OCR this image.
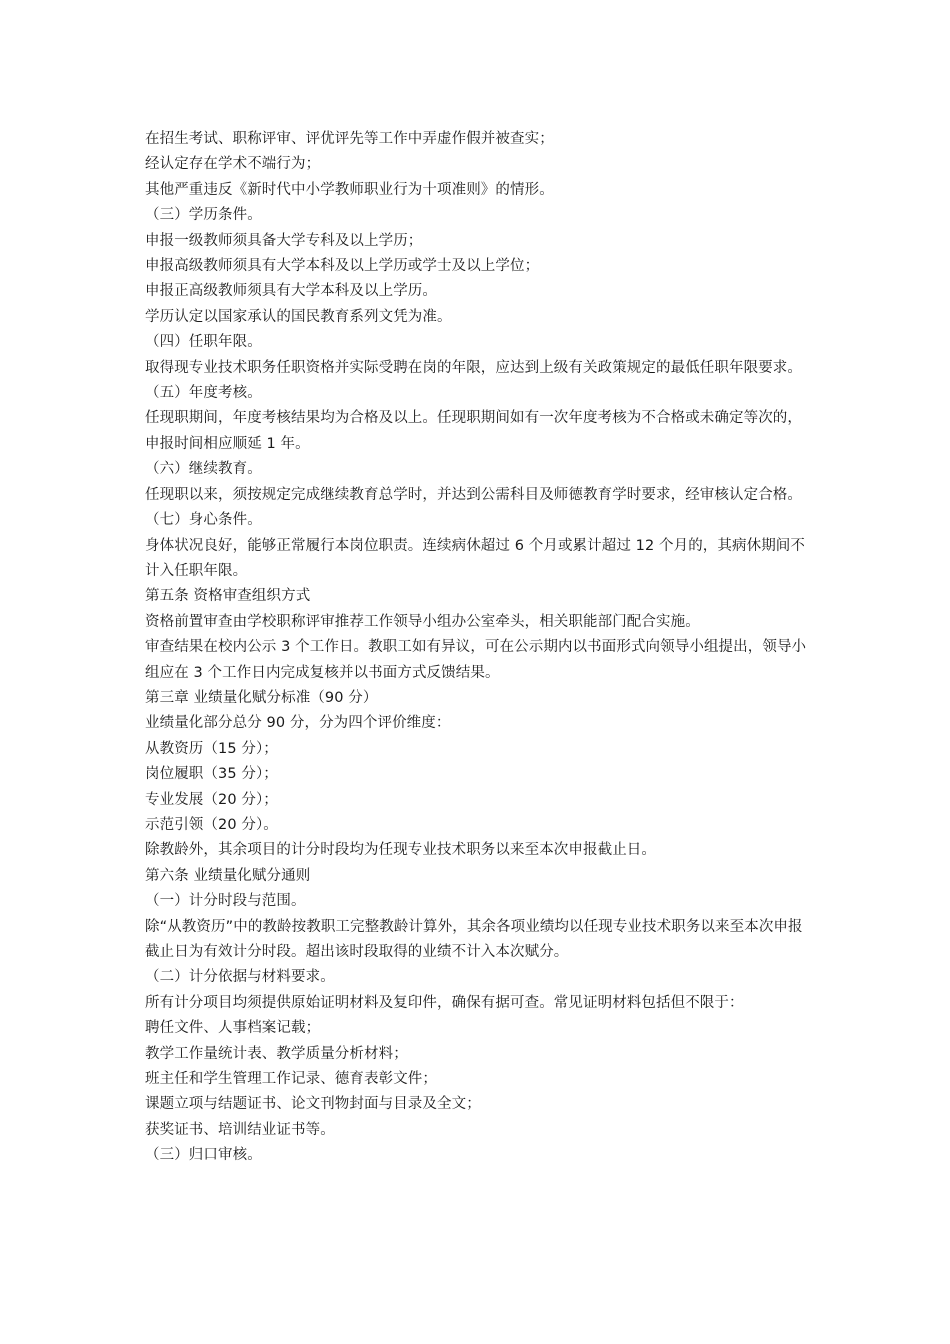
在招生考试、职称评审、评优评先等工作中弄虚作假并被查实；

经认定存在学术不端行为；

其他严重违反《新时代中小学教师职业行为十项准则》的情形。

（三）学历条件。

申报一级教师须具备大学专科及以上学历；

申报高级教师须具有大学本科及以上学历或学士及以上学位；

申报正高级教师须具有大学本科及以上学历。

学历认定以国家承认的国民教育系列文凭为准。

（四）任职年限。

取得现专业技术职务任职资格并实际受聘在岗的年限，应达到上级有关政策规定的最低任职年限要求。

（五）年度考核。

任现职期间，年度考核结果均为合格及以上。任现职期间如有一次年度考核为不合格或未确定等次的，申报时间相应顺延 1 年。

（六）继续教育。

任现职以来，须按规定完成继续教育总学时，并达到公需科目及师德教育学时要求，经审核认定合格。

（七）身心条件。

身体状况良好，能够正常履行本岗位职责。连续病休超过 6 个月或累计超过 12 个月的，其病休期间不计入任职年限。

第五条 资格审查组织方式

资格前置审查由学校职称评审推荐工作领导小组办公室牵头，相关职能部门配合实施。

审查结果在校内公示 3 个工作日。教职工如有异议，可在公示期内以书面形式向领导小组提出，领导小组应在 3 个工作日内完成复核并以书面方式反馈结果。

第三章 业绩量化赋分标准（90 分）

业绩量化部分总分 90 分，分为四个评价维度：

从教资历（15 分）；

岗位履职（35 分）；

专业发展（20 分）；

示范引领（20 分）。

除教龄外，其余项目的计分时段均为任现专业技术职务以来至本次申报截止日。

第六条 业绩量化赋分通则

（一）计分时段与范围。

除“从教资历”中的教龄按教职工完整教龄计算外，其余各项业绩均以任现专业技术职务以来至本次申报截止日为有效计分时段。超出该时段取得的业绩不计入本次赋分。

（二）计分依据与材料要求。

所有计分项目均须提供原始证明材料及复印件，确保有据可查。常见证明材料包括但不限于：

聘任文件、人事档案记载；

教学工作量统计表、教学质量分析材料；

班主任和学生管理工作记录、德育表彰文件；

课题立项与结题证书、论文刊物封面与目录及全文；

获奖证书、培训结业证书等。

（三）归口审核。
